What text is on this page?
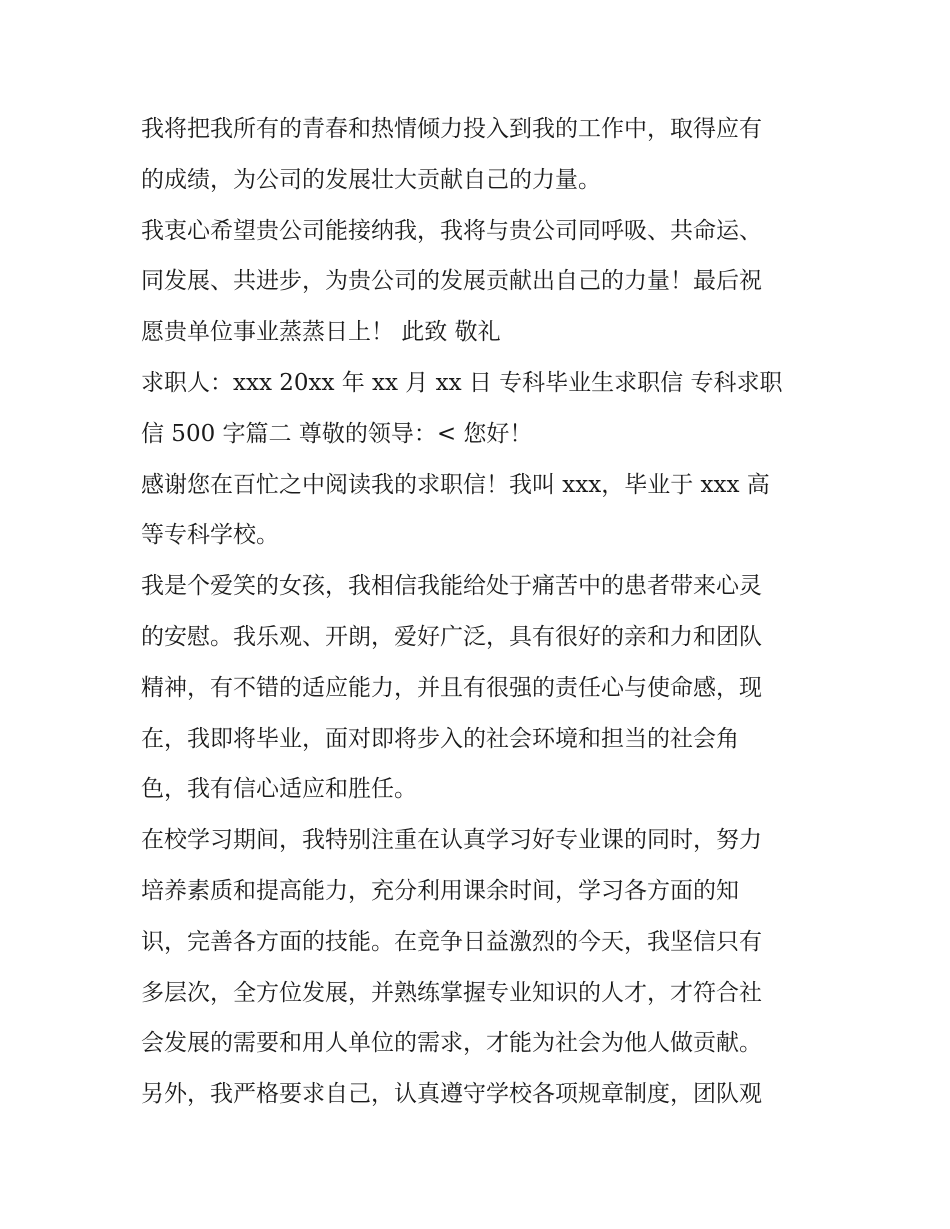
我将把我所有的青春和热情倾力投入到我的工作中，取得应有
的成绩，为公司的发展壮大贡献自己的力量。
我衷心希望贵公司能接纳我，我将与贵公司同呼吸、共命运、
同发展、共进步，为贵公司的发展贡献出自己的力量！最后祝
愿贵单位事业蒸蒸日上！ 此致 敬礼
求职人：xxx 20xx 年 xx 月 xx 日 专科毕业生求职信 专科求职
信 500 字篇二 尊敬的领导：< 您好！
感谢您在百忙之中阅读我的求职信！我叫 xxx，毕业于 xxx 高
等专科学校。
我是个爱笑的女孩，我相信我能给处于痛苦中的患者带来心灵
的安慰。我乐观、开朗，爱好广泛，具有很好的亲和力和团队
精神，有不错的适应能力，并且有很强的责任心与使命感，现
在，我即将毕业，面对即将步入的社会环境和担当的社会角
色，我有信心适应和胜任。
在校学习期间，我特别注重在认真学习好专业课的同时，努力
培养素质和提高能力，充分利用课余时间，学习各方面的知
识，完善各方面的技能。在竞争日益激烈的今天，我坚信只有
多层次，全方位发展，并熟练掌握专业知识的人才，才符合社
会发展的需要和用人单位的需求，才能为社会为他人做贡献。
另外，我严格要求自己，认真遵守学校各项规章制度，团队观
